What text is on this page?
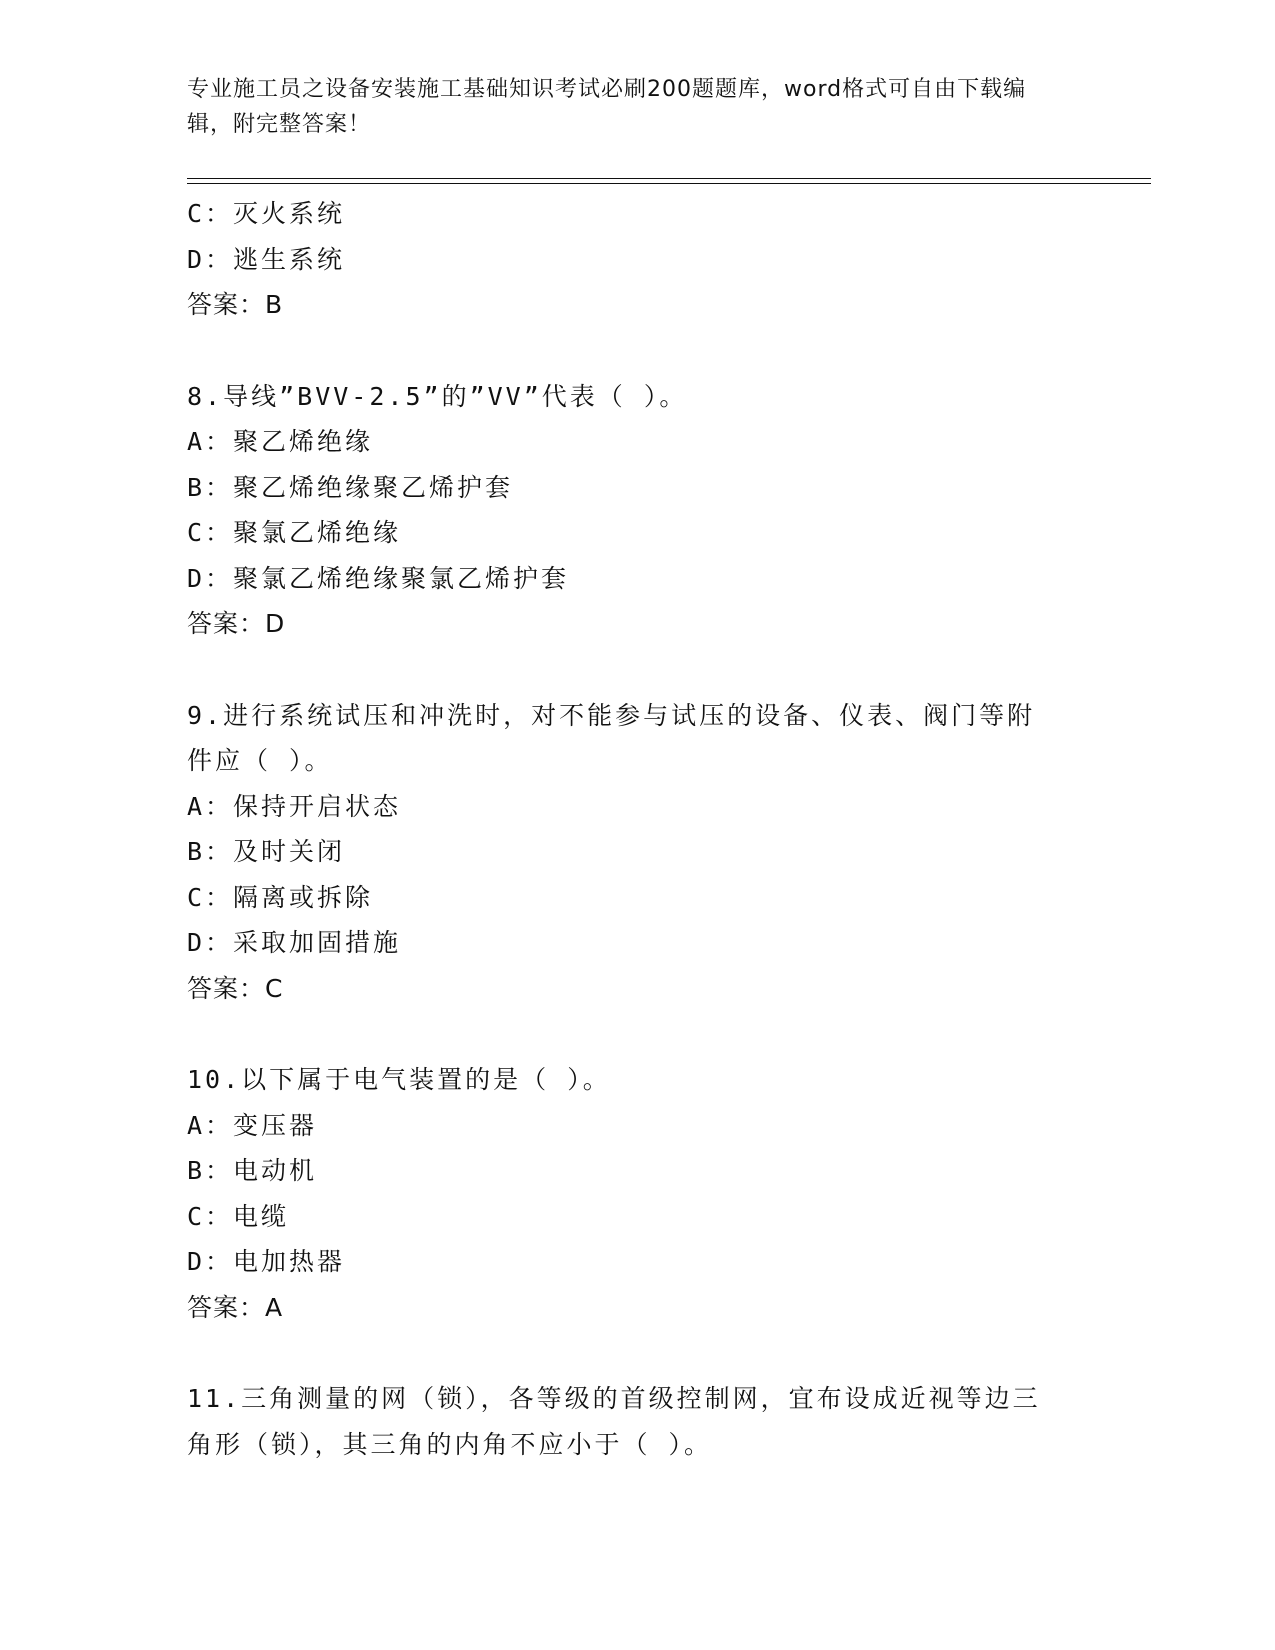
专业施工员之设备安装施工基础知识考试必刷200题题库，word格式可自由下载编辑，附完整答案！
C：灭火系统
D：逃生系统
答案：B
8.导线”BVV-2.5”的”VV”代表（ ）。
A：聚乙烯绝缘
B：聚乙烯绝缘聚乙烯护套
C：聚氯乙烯绝缘
D：聚氯乙烯绝缘聚氯乙烯护套
答案：D
9.进行系统试压和冲洗时，对不能参与试压的设备、仪表、阀门等附
件应（ ）。
A：保持开启状态
B：及时关闭
C：隔离或拆除
D：采取加固措施
答案：C
10.以下属于电气装置的是（ ）。
A：变压器
B：电动机
C：电缆
D：电加热器
答案：A
11.三角测量的网（锁），各等级的首级控制网，宜布设成近视等边三
角形（锁），其三角的内角不应小于（ ）。
